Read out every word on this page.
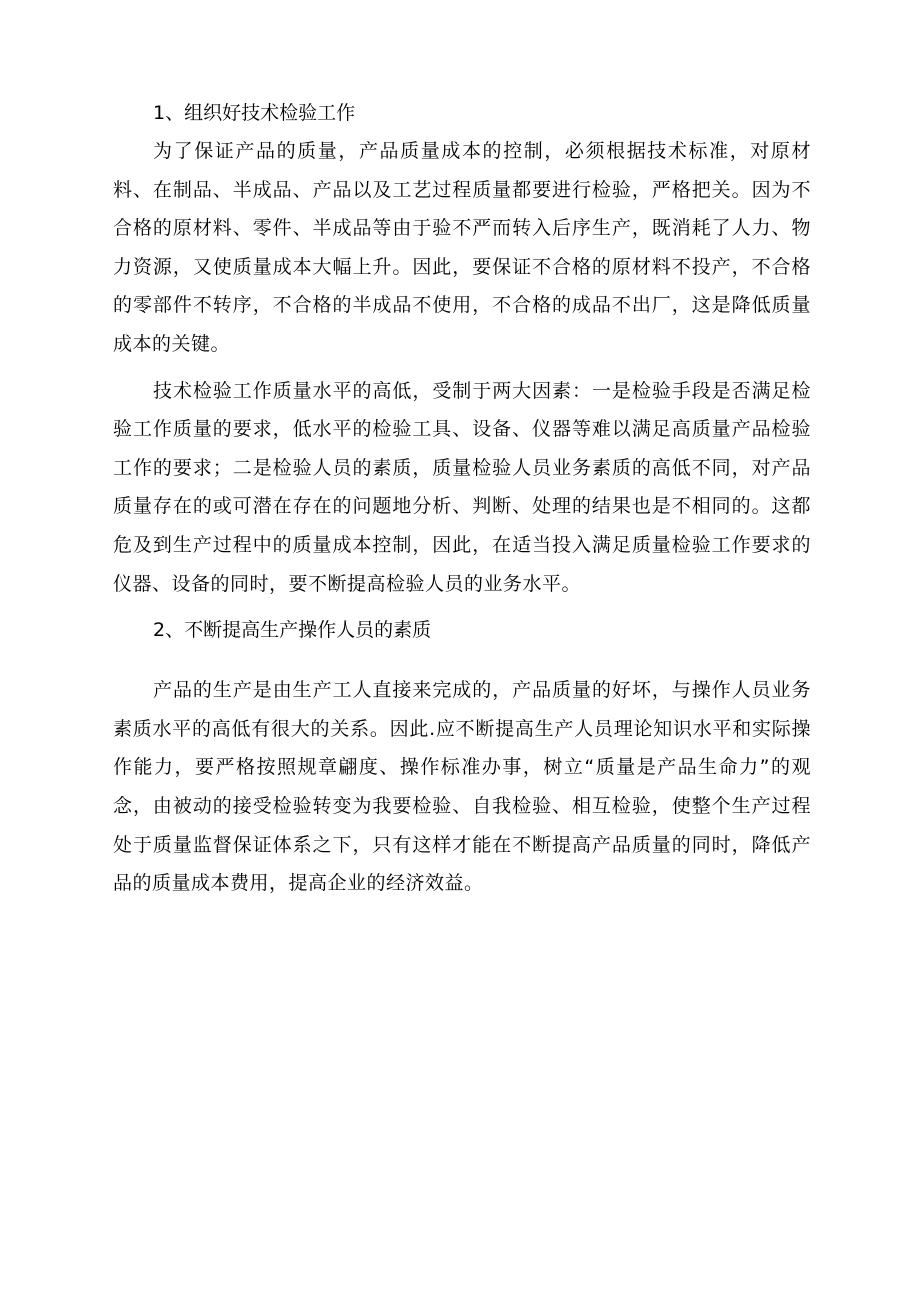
1、组织好技术检验工作

为了保证产品的质量，产品质量成本的控制，必须根据技术标准，对原材料、在制品、半成品、产品以及工艺过程质量都要进行检验，严格把关。因为不合格的原材料、零件、半成品等由于验不严而转入后序生产，既消耗了人力、物力资源，又使质量成本大幅上升。因此，要保证不合格的原材料不投产，不合格的零部件不转序，不合格的半成品不使用，不合格的成品不出厂，这是降低质量成本的关键。

技术检验工作质量水平的高低，受制于两大因素：一是检验手段是否满足检验工作质量的要求，低水平的检验工具、设备、仪器等难以满足高质量产品检验工作的要求；二是检验人员的素质，质量检验人员业务素质的高低不同，对产品质量存在的或可潜在存在的问题地分析、判断、处理的结果也是不相同的。这都危及到生产过程中的质量成本控制，因此，在适当投入满足质量检验工作要求的仪器、设备的同时，要不断提高检验人员的业务水平。

2、不断提高生产操作人员的素质

产品的生产是由生产工人直接来完成的，产品质量的好坏，与操作人员业务素质水平的高低有很大的关系。因此.应不断提高生产人员理论知识水平和实际操作能力，要严格按照规章翩度、操作标准办事，树立“质量是产品生命力”的观念，由被动的接受检验转变为我要检验、自我检验、相互检验，使整个生产过程处于质量监督保证体系之下，只有这样才能在不断提高产品质量的同时，降低产品的质量成本费用，提高企业的经济效益。
